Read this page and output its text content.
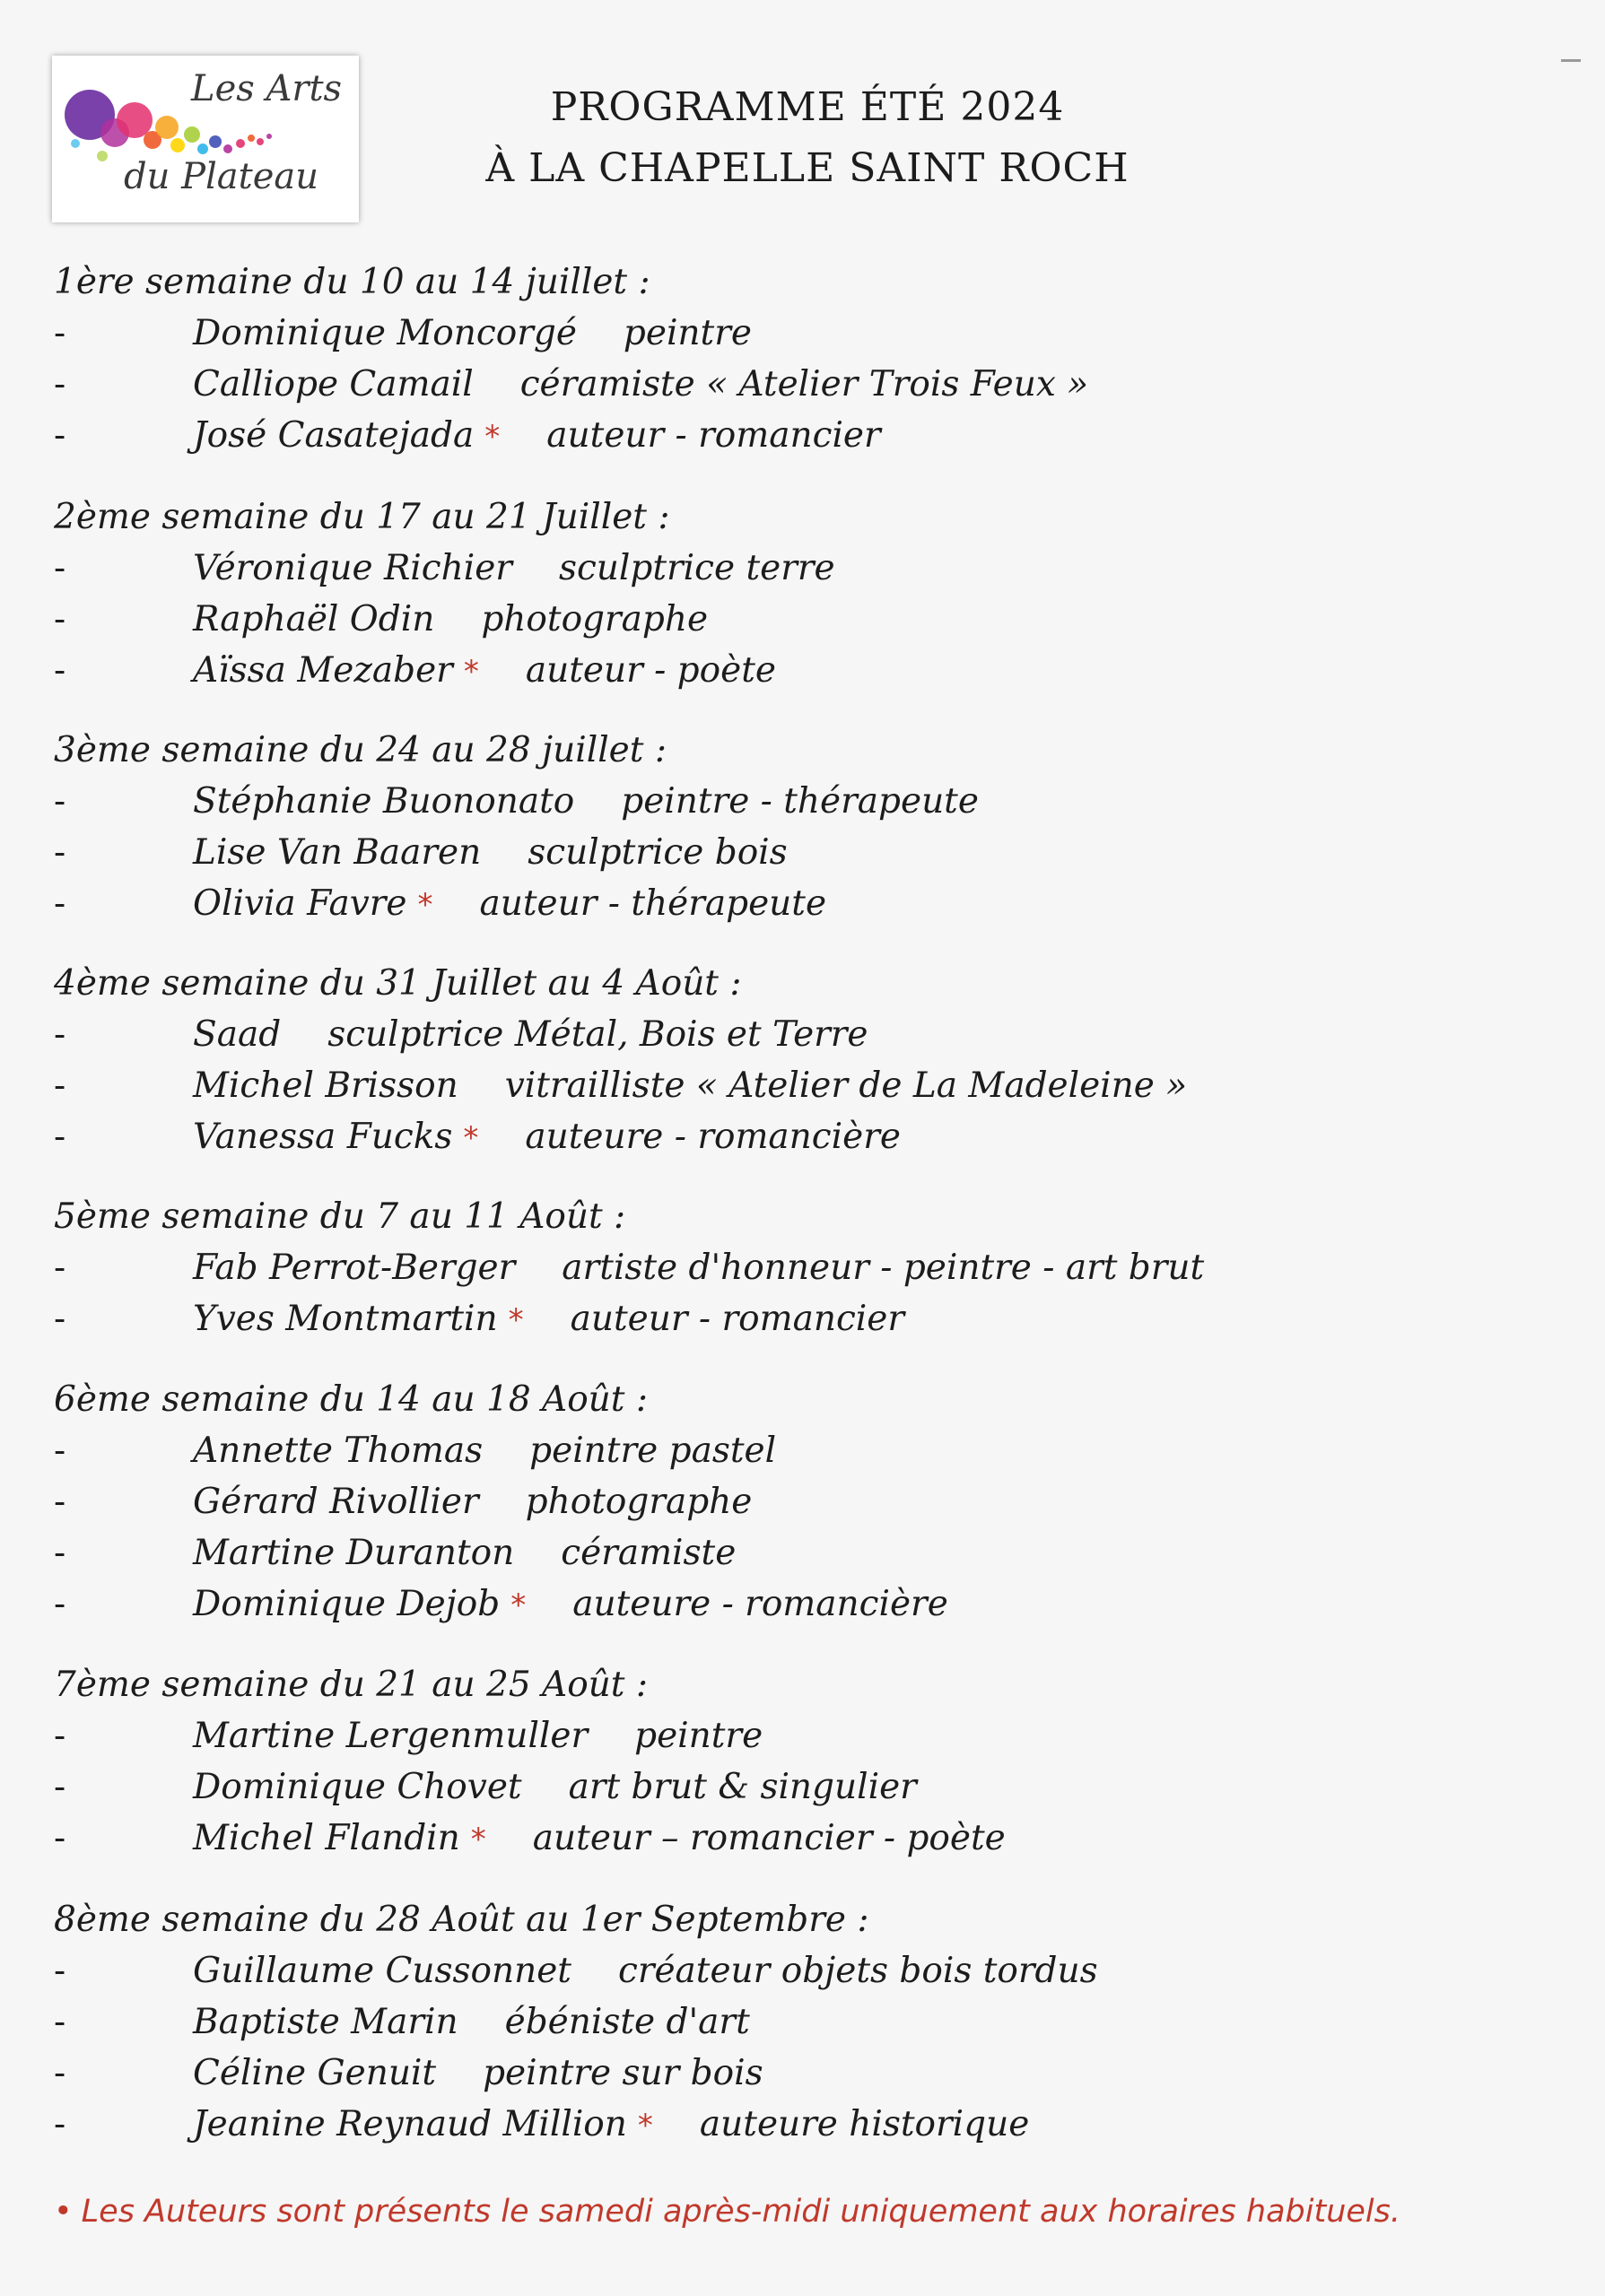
Les Arts
du Plateau
PROGRAMME ÉTÉ 2024
À LA CHAPELLE SAINT ROCH
1ère semaine du 10 au 14 juillet :
-	Dominique Moncorgé peintre
-	Calliope Camail céramiste « Atelier Trois Feux »
-	José Casatejada * auteur - romancier
2ème semaine du 17 au 21 Juillet :
-	Véronique Richier sculptrice terre
-	Raphaël Odin photographe
-	Aïssa Mezaber * auteur - poète
3ème semaine du 24 au 28 juillet :
-	Stéphanie Buononato peintre - thérapeute
-	Lise Van Baaren sculptrice bois
-	Olivia Favre * auteur - thérapeute
4ème semaine du 31 Juillet au 4 Août :
-	Saad sculptrice Métal, Bois et Terre
-	Michel Brisson vitrailliste « Atelier de La Madeleine »
-	Vanessa Fucks * auteure - romancière
5ème semaine du 7 au 11 Août :
-	Fab Perrot-Berger artiste d'honneur - peintre - art brut
-	Yves Montmartin * auteur - romancier
6ème semaine du 14 au 18 Août :
-	Annette Thomas peintre pastel
-	Gérard Rivollier photographe
-	Martine Duranton céramiste
-	Dominique Dejob * auteure - romancière
7ème semaine du 21 au 25 Août :
-	Martine Lergenmuller peintre
-	Dominique Chovet art brut & singulier
-	Michel Flandin * auteur – romancier - poète
8ème semaine du 28 Août au 1er Septembre :
-	Guillaume Cussonnet créateur objets bois tordus
-	Baptiste Marin ébéniste d'art
-	Céline Genuit peintre sur bois
-	Jeanine Reynaud Million * auteure historique
• Les Auteurs sont présents le samedi après-midi uniquement aux horaires habituels.
